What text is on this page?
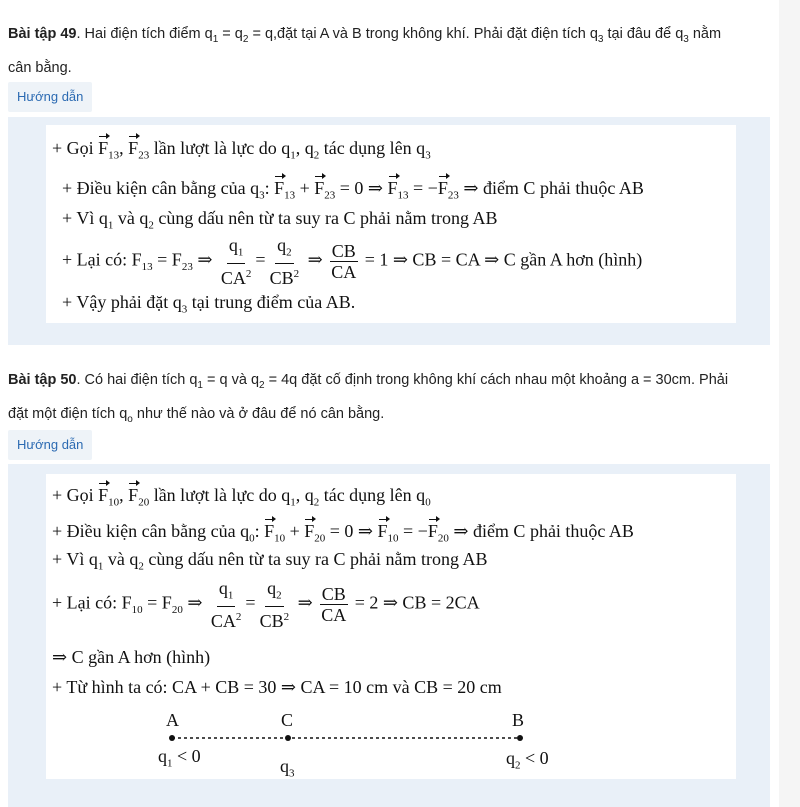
Bài tập 49. Hai điện tích điểm $q_1 = q_2$ = q,đặt tại A và B trong không khí. Phải đặt điện tích $q_3$ tại đâu để $q_3$ nằm
cân bằng.
Hướng dẫn
+ Gọi $F_{13}$, $F_{23}$ lần lượt là lực do $q_1$, $q_2$ tác dụng lên $q_3$
+ Điều kiện cân bằng của $q_3$: $F_{13} + F_{23} = 0$ ⇒ $F_{13} = -F_{23}$ ⇒ điểm C phải thuộc AB
+ Vì $q_1$ và $q_2$ cùng dấu nên từ ta suy ra C phải nằm trong AB
+ Lại có: $F_{13} = F_{23}$ ⇒ $\frac{q_1}{CA^2} = \frac{q_2}{CB^2}$ ⇒ $\frac{CB}{CA} = 1$ ⇒ CB = CA ⇒ C gần A hơn (hình)
+ Vậy phải đặt $q_3$ tại trung điểm của AB.
Bài tập 50. Có hai điện tích $q_1 = q$ và $q_2 = 4q$ đặt cố định trong không khí cách nhau một khoảng a = 30cm. Phải
đặt một điện tích $q_o$ như thế nào và ở đâu để nó cân bằng.
Hướng dẫn
+ Gọi $F_{10}$, $F_{20}$ lần lượt là lực do $q_1$, $q_2$ tác dụng lên $q_0$
+ Điều kiện cân bằng của $q_0$: $F_{10} + F_{20} = 0$ ⇒ $F_{10} = -F_{20}$ ⇒ điểm C phải thuộc AB
+ Vì $q_1$ và $q_2$ cùng dấu nên từ ta suy ra C phải nằm trong AB
+ Lại có: $F_{10} = F_{20}$ ⇒ $\frac{q_1}{CA^2} = \frac{q_2}{CB^2}$ ⇒ $\frac{CB}{CA} = 2$ ⇒ CB = 2CA
⇒ C gần A hơn (hình)
+ Từ hình ta có: CA + CB = 30 ⇒ CA = 10 cm và CB = 20 cm
A	C	B
$q_1 < 0$	$q_3$
$q_2 < 0$
